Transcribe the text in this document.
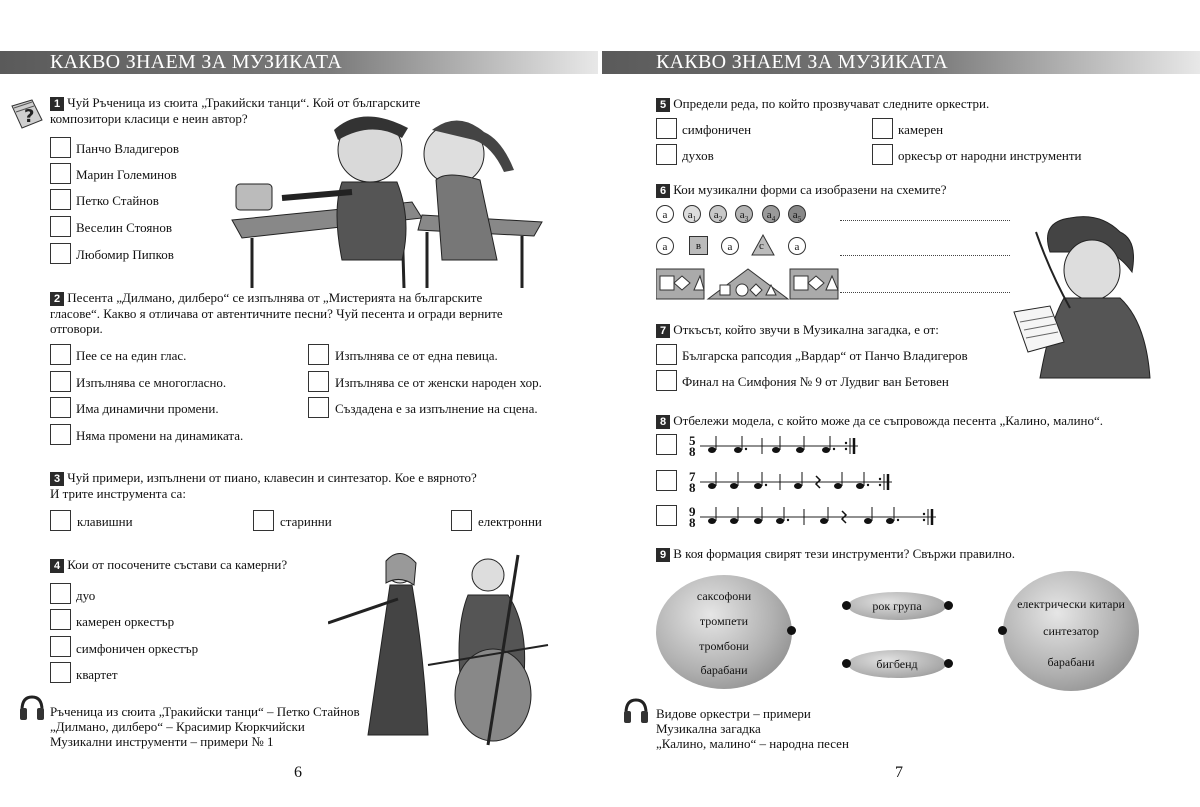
КАКВО ЗНАЕМ ЗА МУЗИКАТА
?
1 Чуй Ръченица из сюита „Тракийски танци“. Кой от българските
композитори класици е неин автор?
Панчо Владигеров
Марин Големинов
Петко Стайнов
Веселин Стоянов
Любомир Пипков
2 Песента „Дилмано, дилберо“ се изпълнява от „Мистерията на българските
гласове“. Какво я отличава от автентичните песни? Чуй песента и огради верните
отговори.
Пее се на един глас.
Изпълнява се многогласно.
Има динамични промени.
Няма промени на динамиката.
Изпълнява се от една певица.
Изпълнява се от женски народен хор.
Създадена е за изпълнение на сцена.
3 Чуй примери, изпълнени от пиано, клавесин и синтезатор. Кое е вярното?
И трите инструмента са:
клавишни	старинни	електронни
4 Кои от посочените състави са камерни?
дуо
камерен оркестър
симфоничен оркестър
квартет
Ръченица из сюита „Тракийски танци“ – Петко Стайнов
„Дилмано, дилберо“ – Красимир Кюркчийски
Музикални инструменти – примери № 1
6
КАКВО ЗНАЕМ ЗА МУЗИКАТА
5 Определи реда, по който прозвучават следните оркестри.
симфоничен	камерен
духов	оркесър от народни инструменти
6 Кои музикални форми са изобразени на схемите?
a	$a_1$	$a_2$	$a_3$	$a_4$	$a_5$
a	в	a	c	a
7 Откъсът, който звучи в Музикална загадка, е от:
Българска рапсодия „Вардар“ от Панчо Владигеров
Финал на Симфония № 9 от Лудвиг ван Бетовен
8 Отбележи модела, с който може да се съпровожда песента „Калино, малино“.
5
8
7
8
9
8
9 В коя формация свирят тези инструменти? Свържи правилно.
саксофони
тромпети
тромбони
барабани
рок група
бигбенд
електрически китари
синтезатор
барабани
Видове оркестри – примери
Музикална загадка
„Калино, малино“ – народна песен
7
